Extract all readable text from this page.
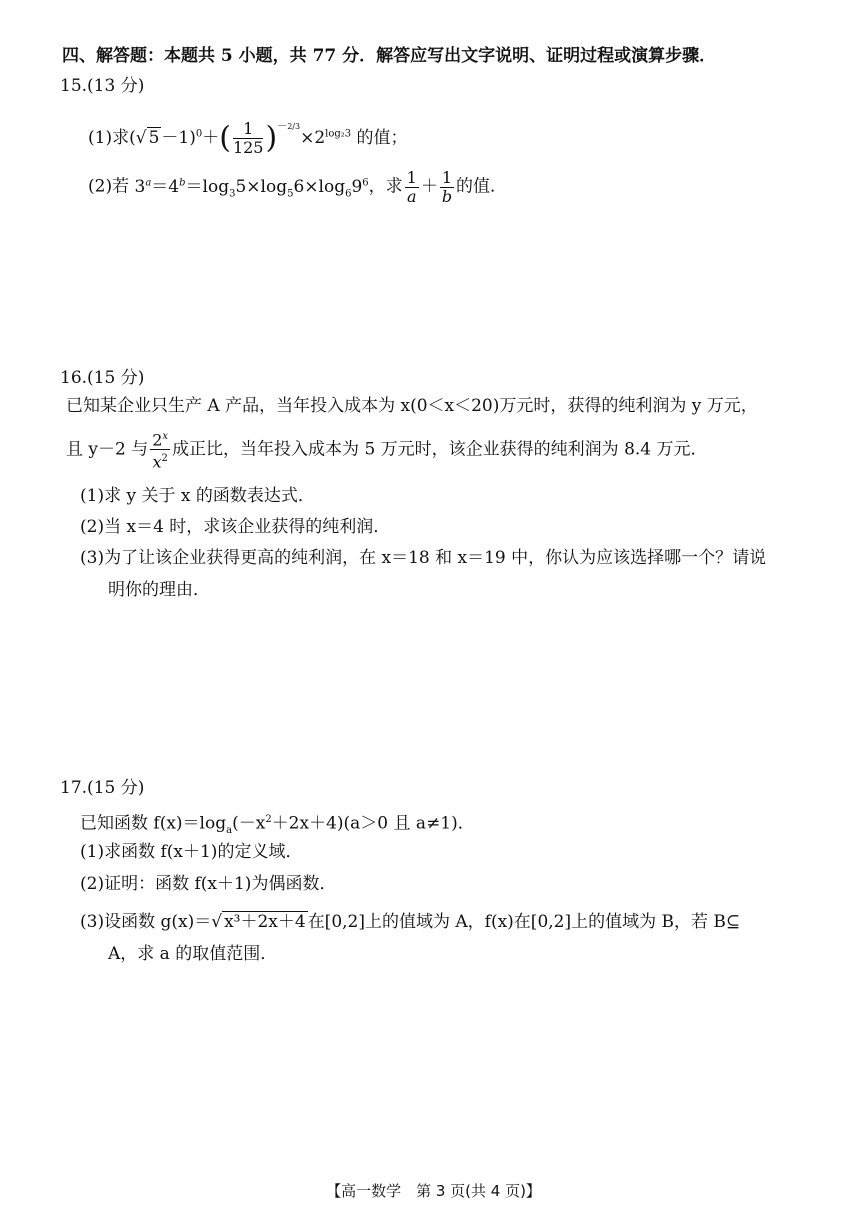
四、解答题：本题共 5 小题，共 77 分．解答应写出文字说明、证明过程或演算步骤．
15.(13 分)
(1)求(√ $5 -1)^0+( \frac{1}{125} )^{-2/3}\times 2^{log_23}$ 的值；
(2)若 $3^a=4^b=\log_35\times\log_56\times\log_69^6$，求 $\frac{1}{a} + \frac{1}{b}$ 的值．
16.(15 分)
已知某企业只生产 A 产品，当年投入成本为 x(0＜x＜20)万元时，获得的纯利润为 y 万元，
且 y－2 与 $\frac{2^x}{x^2}$ 成正比，当年投入成本为 5 万元时，该企业获得的纯利润为 8.4 万元．
(1)求 y 关于 x 的函数表达式．
(2)当 x＝4 时，求该企业获得的纯利润．
(3)为了让该企业获得更高的纯利润，在 x＝18 和 x＝19 中，你认为应该选择哪一个？请说
明你的理由．
17.(15 分)
已知函数 $f(x)=\log_a(-x^2+2x+4)(a>0$ 且 a≠1)．
(1)求函数 f(x＋1)的定义域．
(2)证明：函数 f(x＋1)为偶函数．
(3)设函数 g(x)＝√ x³＋2x＋4 在[0,2]上的值域为 A，f(x)在[0,2]上的值域为 B，若 B⊆
A，求 a 的取值范围．
【高一数学　第 3 页(共 4 页)】
